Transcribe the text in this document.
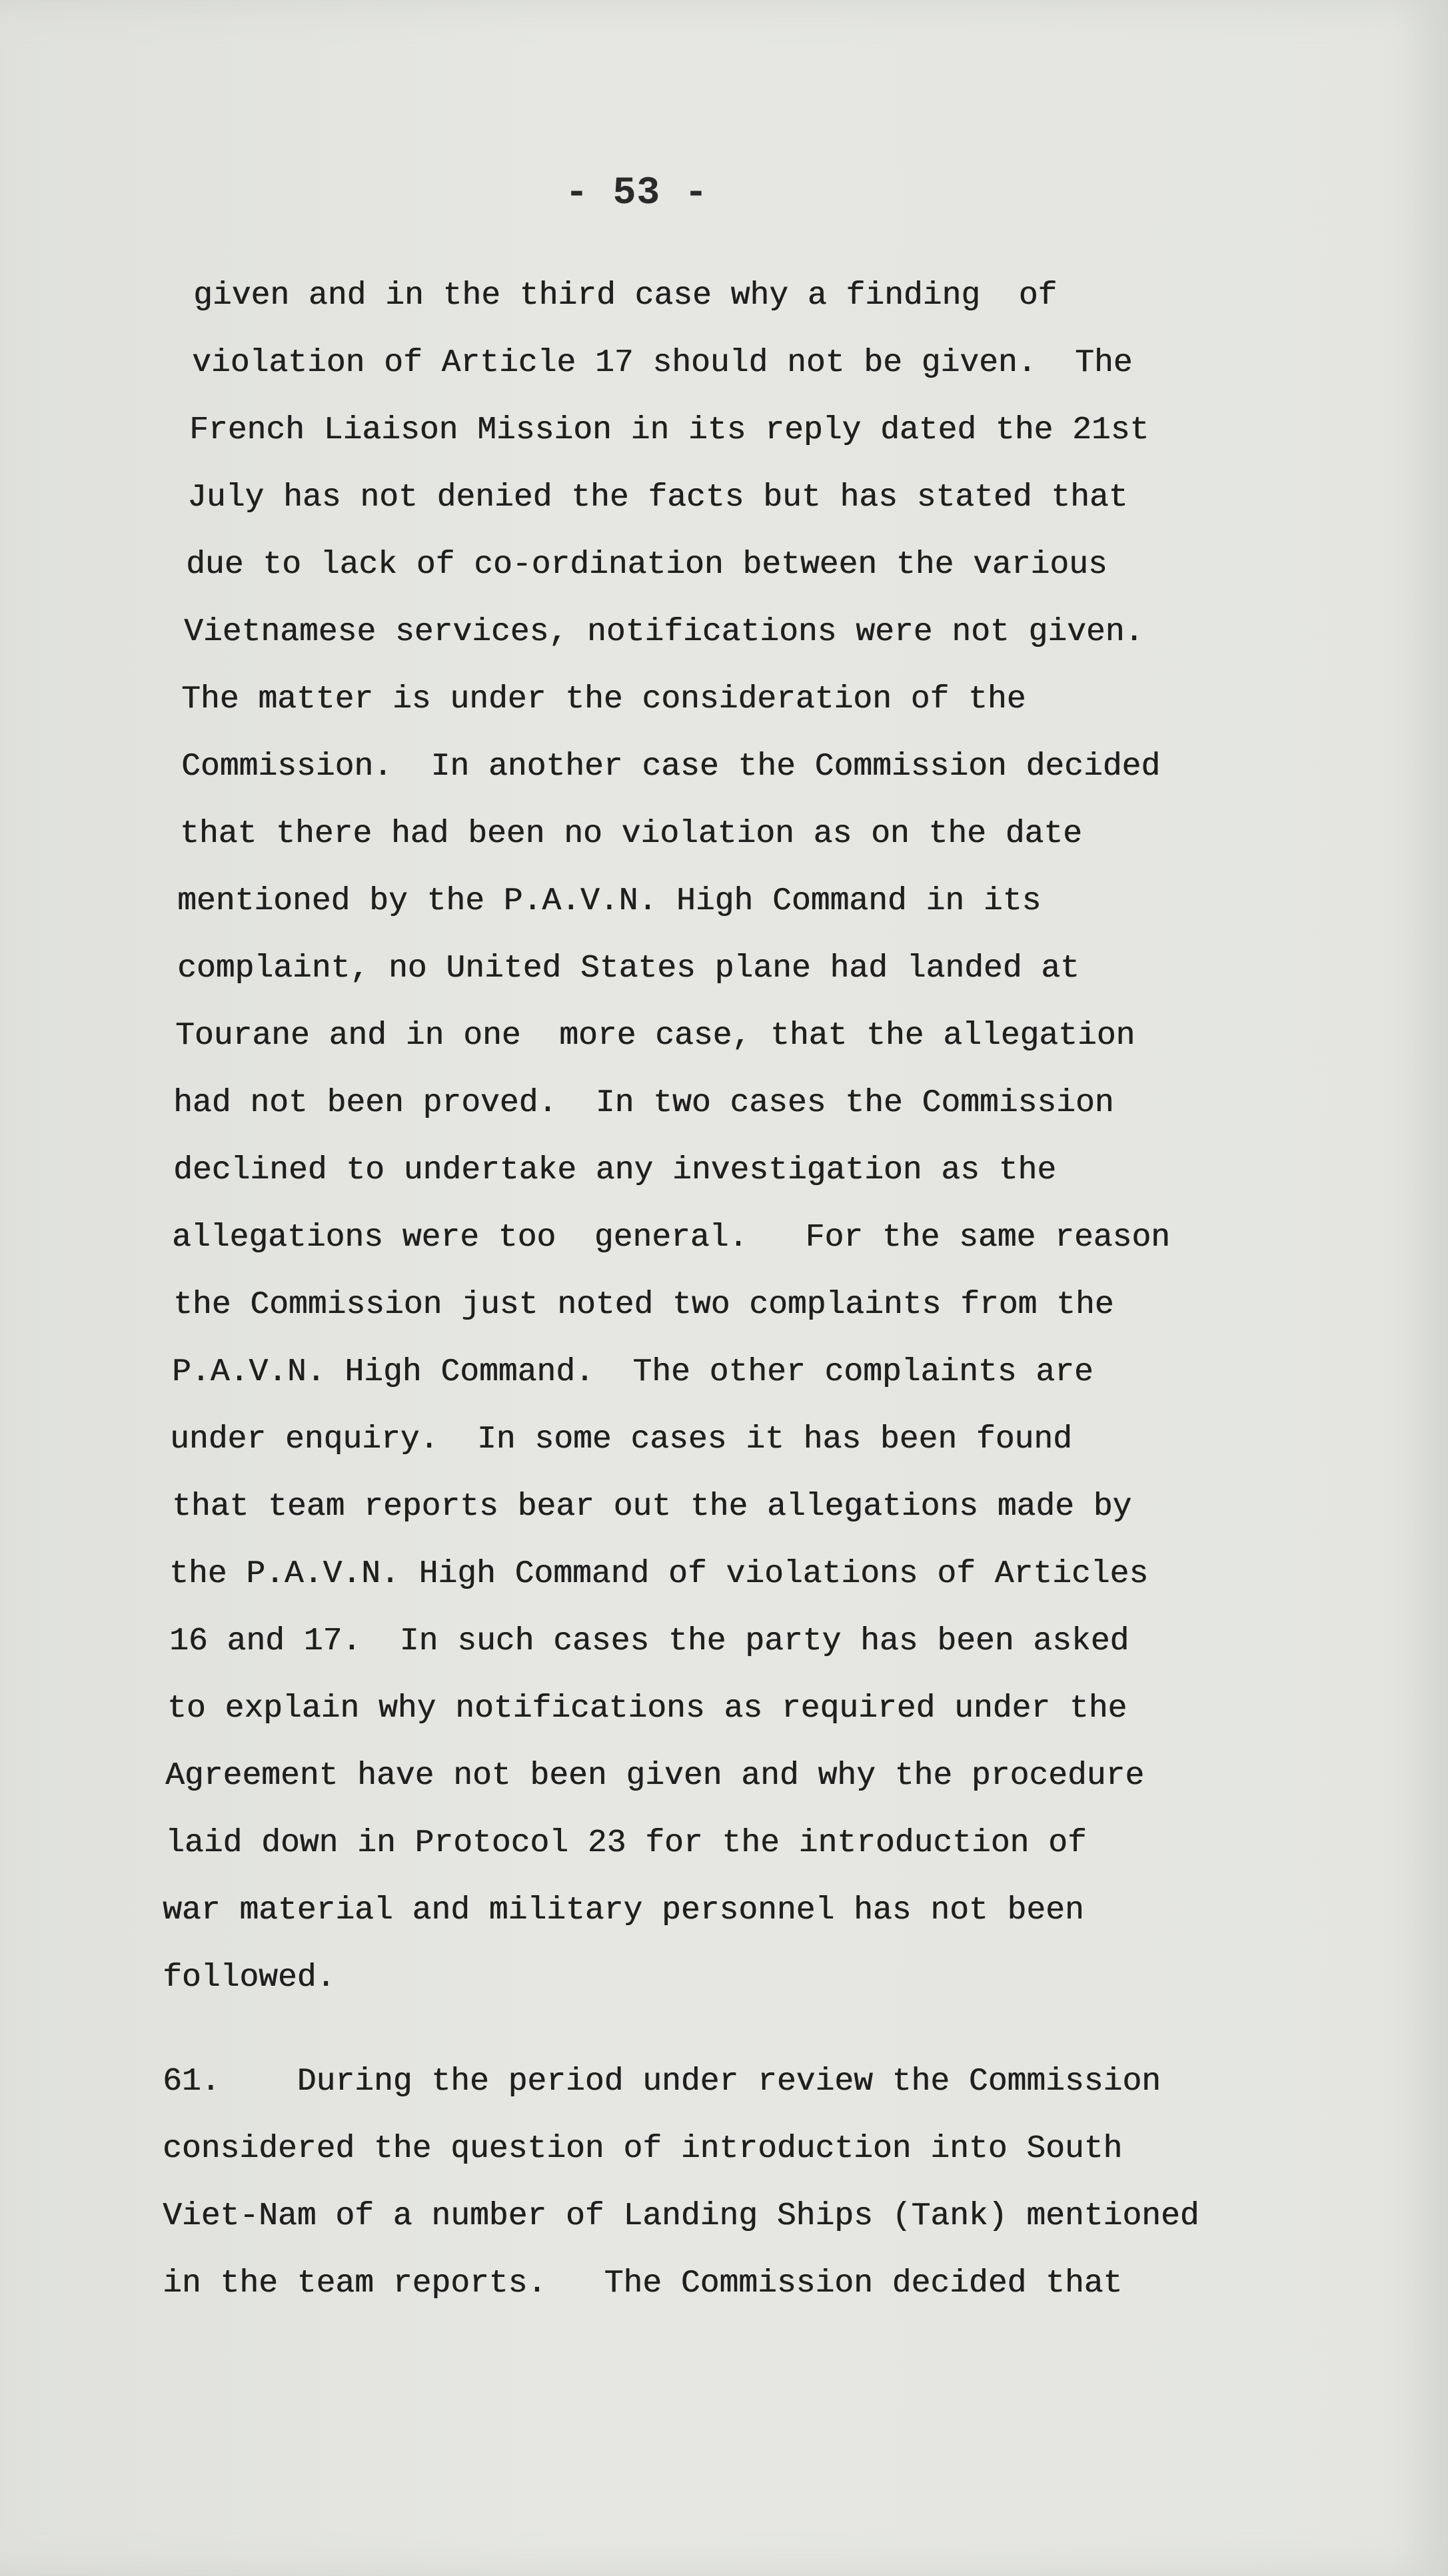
- 53 -
given and in the third case why a finding  of
violation of Article 17 should not be given.  The
French Liaison Mission in its reply dated the 21st
July has not denied the facts but has stated that
due to lack of co-ordination between the various
Vietnamese services, notifications were not given.
The matter is under the consideration of the
Commission.  In another case the Commission decided
that there had been no violation as on the date
mentioned by the P.A.V.N. High Command in its
complaint, no United States plane had landed at
Tourane and in one  more case, that the allegation
had not been proved.  In two cases the Commission
declined to undertake any investigation as the
allegations were too  general.   For the same reason
the Commission just noted two complaints from the
P.A.V.N. High Command.  The other complaints are
under enquiry.  In some cases it has been found
that team reports bear out the allegations made by
the P.A.V.N. High Command of violations of Articles
16 and 17.  In such cases the party has been asked
to explain why notifications as required under the
Agreement have not been given and why the procedure
laid down in Protocol 23 for the introduction of
war material and military personnel has not been
followed.
61.    During the period under review the Commission
considered the question of introduction into South
Viet-Nam of a number of Landing Ships (Tank) mentioned
in the team reports.   The Commission decided that
